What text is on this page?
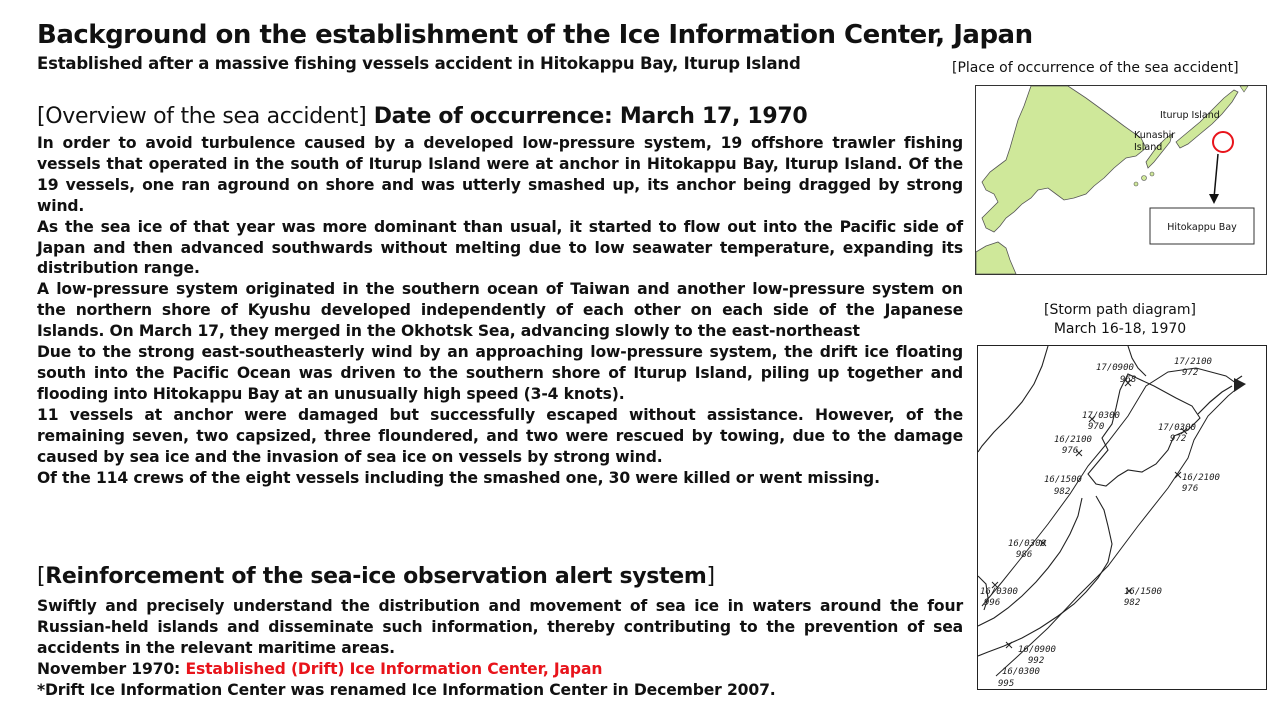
Background on the establishment of the Ice Information Center, Japan
Established after a massive fishing vessels accident in Hitokappu Bay, Iturup Island
[Overview of the sea accident] Date of occurrence: March 17, 1970

In order to avoid turbulence caused by a developed low-pressure system, 19 offshore trawler fishing vessels that operated in the south of Iturup Island were at anchor in Hitokappu Bay, Iturup Island. Of the 19 vessels, one ran aground on shore and was utterly smashed up, its anchor being dragged by strong wind.

As the sea ice of that year was more dominant than usual, it started to flow out into the Pacific side of Japan and then advanced southwards without melting due to low seawater temperature, expanding its distribution range.

A low-pressure system originated in the southern ocean of Taiwan and another low-pressure system on the northern shore of Kyushu developed independently of each other on each side of the Japanese Islands. On March 17, they merged in the Okhotsk Sea, advancing slowly to the east-northeast

Due to the strong east-southeasterly wind by an approaching low-pressure system, the drift ice floating south into the Pacific Ocean was driven to the southern shore of Iturup Island, piling up together and flooding into Hitokappu Bay at an unusually high speed (3-4 knots).

11 vessels at anchor were damaged but successfully escaped without assistance. However, of the remaining seven, two capsized, three floundered, and two were rescued by towing, due to the damage caused by sea ice and the invasion of sea ice on vessels by strong wind.

Of the 114 crews of the eight vessels including the smashed one, 30 were killed or went missing.

[Reinforcement of the sea-ice observation alert system]

Swiftly and precisely understand the distribution and movement of sea ice in waters around the four Russian-held islands and disseminate such information, thereby contributing to the prevention of sea accidents in the relevant maritime areas.

November 1970: Established (Drift) Ice Information Center, Japan

*Drift Ice Information Center was renamed Ice Information Center in December 2007.

[Place of occurrence of the sea accident]
Hitokappu Bay
Iturup Island
Kunashir
Island
[Storm path diagram]
March 16-18, 1970
17/0900
968
17/2100
972
17/0300
970	17/0300
972
16/2100
976
16/2100
976
16/1500
982
16/0300
986
16/0300
996
16/1500
982
16/0900
992
16/0300
995
